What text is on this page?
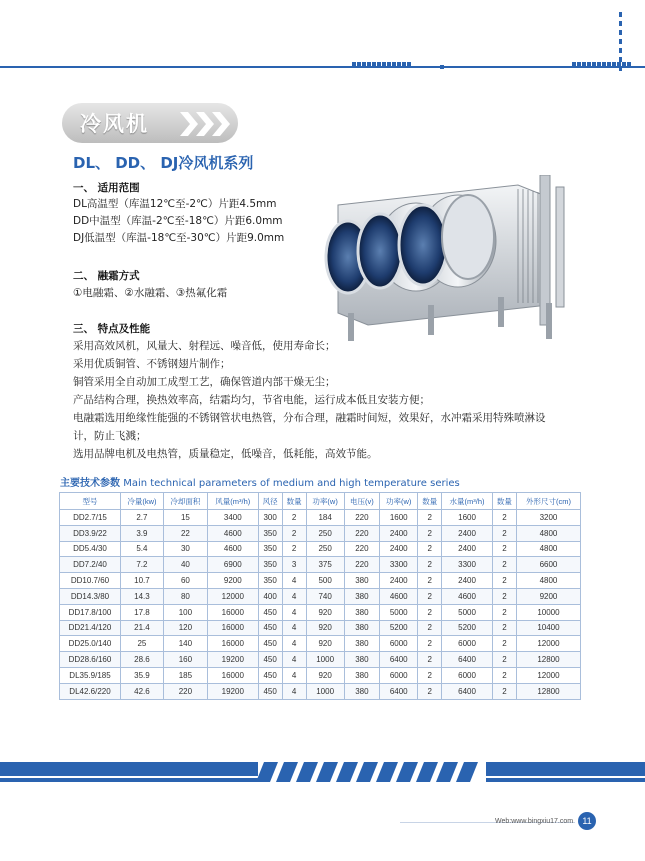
冷风机
DL、 DD、 DJ冷风机系列
一、 适用范围
DL高温型（库温12℃至-2℃）片距4.5mm
DD中温型（库温-2℃至-18℃）片距6.0mm
DJ低温型（库温-18℃至-30℃）片距9.0mm
二、 融霜方式
①电融霜、②水融霜、③热氟化霜
三、 特点及性能
采用高效风机，风量大、射程远、噪音低，使用寿命长；
采用优质铜管、不锈钢翅片制作；
铜管采用全自动加工成型工艺，确保管道内部干燥无尘；
产品结构合理，换热效率高，结霜均匀，节省电能，运行成本低且安装方便；
电融霜选用绝缘性能强的不锈钢管状电热管，分布合理，融霜时间短，效果好，水冲霜采用特殊喷淋设
计，防止飞溅；
选用品牌电机及电热管，质量稳定，低噪音，低耗能，高效节能。
主要技术参数 Main technical parameters of medium and high temperature series
型号	冷量(kw)	冷却面积	风量(m³/h)	风径	数量	功率(w)	电压(v)	功率(w)	数量	水量(m³/h)	数量	外形尺寸(cm)
DD2.7/15	2.7	15	3400	300	2	184	220	1600	2	1600	2	3200
DD3.9/22	3.9	22	4600	350	2	250	220	2400	2	2400	2	4800
DD5.4/30	5.4	30	4600	350	2	250	220	2400	2	2400	2	4800
DD7.2/40	7.2	40	6900	350	3	375	220	3300	2	3300	2	6600
DD10.7/60	10.7	60	9200	350	4	500	380	2400	2	2400	2	4800
DD14.3/80	14.3	80	12000	400	4	740	380	4600	2	4600	2	9200
DD17.8/100	17.8	100	16000	450	4	920	380	5000	2	5000	2	10000
DD21.4/120	21.4	120	16000	450	4	920	380	5200	2	5200	2	10400
DD25.0/140	25	140	16000	450	4	920	380	6000	2	6000	2	12000
DD28.6/160	28.6	160	19200	450	4	1000	380	6400	2	6400	2	12800
DL35.9/185	35.9	185	16000	450	4	920	380	6000	2	6000	2	12000
DL42.6/220	42.6	220	19200	450	4	1000	380	6400	2	6400	2	12800
Web:www.bingxiu17.com	11
